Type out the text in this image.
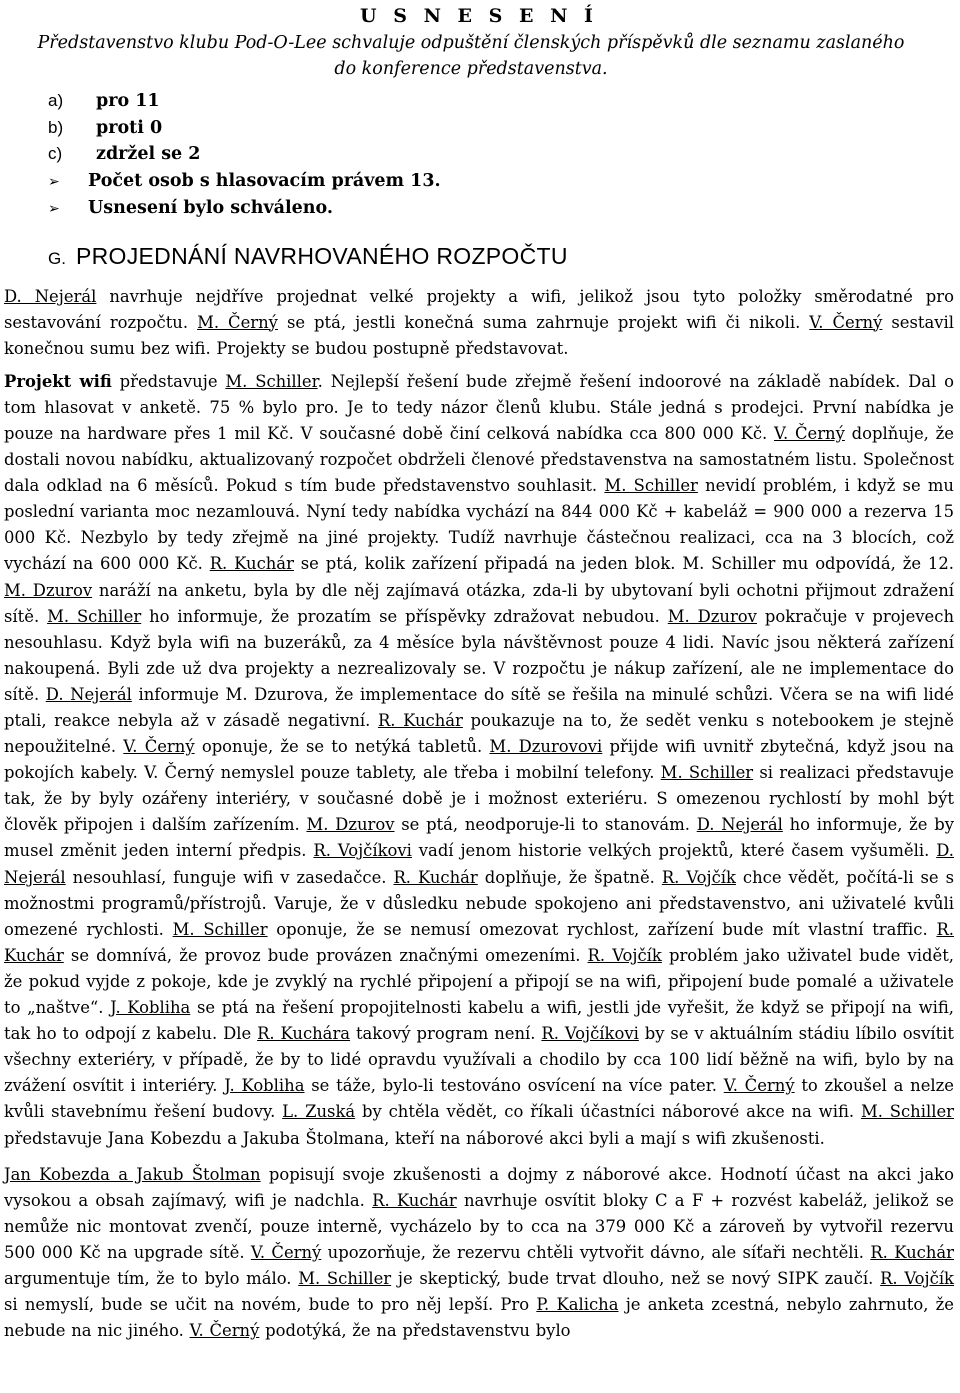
U S N E S E N Í
Představenstvo klubu Pod-O-Lee schvaluje odpuštění členských příspěvků dle seznamu zaslaného do konference představenstva.
a)	pro 11
b)	proti 0
c)	zdržel se 2
➢	Počet osob s hlasovacím právem 13.
➢	Usnesení bylo schváleno.
G. PROJEDNÁNÍ NAVRHOVANÉHO ROZPOČTU

D. Nejerál navrhuje nejdříve projednat velké projekty a wifi, jelikož jsou tyto položky směrodatné pro sestavování rozpočtu. M. Černý se ptá, jestli konečná suma zahrnuje projekt wifi či nikoli. V. Černý sestavil konečnou sumu bez wifi. Projekty se budou postupně představovat.

Projekt wifi představuje M. Schiller. Nejlepší řešení bude zřejmě řešení indoorové na základě nabídek. Dal o tom hlasovat v anketě. 75 % bylo pro. Je to tedy názor členů klubu. Stále jedná s prodejci. První nabídka je pouze na hardware přes 1 mil Kč. V současné době činí celková nabídka cca 800 000 Kč. V. Černý doplňuje, že dostali novou nabídku, aktualizovaný rozpočet obdrželi členové představenstva na samostatném listu. Společnost dala odklad na 6 měsíců. Pokud s tím bude představenstvo souhlasit. M. Schiller nevidí problém, i když se mu poslední varianta moc nezamlouvá. Nyní tedy nabídka vychází na 844 000 Kč + kabeláž = 900 000 a rezerva 15 000 Kč. Nezbylo by tedy zřejmě na jiné projekty. Tudíž navrhuje částečnou realizaci, cca na 3 blocích, což vychází na 600 000 Kč. R. Kuchár se ptá, kolik zařízení připadá na jeden blok. M. Schiller mu odpovídá, že 12. M. Dzurov naráží na anketu, byla by dle něj zajímavá otázka, zda-li by ubytovaní byli ochotni přijmout zdražení sítě. M. Schiller ho informuje, že prozatím se příspěvky zdražovat nebudou. M. Dzurov pokračuje v projevech nesouhlasu. Když byla wifi na buzeráků, za 4 měsíce byla návštěvnost pouze 4 lidi. Navíc jsou některá zařízení nakoupená. Byli zde už dva projekty a nezrealizovaly se. V rozpočtu je nákup zařízení, ale ne implementace do sítě. D. Nejerál informuje M. Dzurova, že implementace do sítě se řešila na minulé schůzi. Včera se na wifi lidé ptali, reakce nebyla až v zásadě negativní. R. Kuchár poukazuje na to, že sedět venku s notebookem je stejně nepoužitelné. V. Černý oponuje, že se to netýká tabletů. M. Dzurovovi přijde wifi uvnitř zbytečná, když jsou na pokojích kabely. V. Černý nemyslel pouze tablety, ale třeba i mobilní telefony. M. Schiller si realizaci představuje tak, že by byly ozářeny interiéry, v současné době je i možnost exteriéru. S omezenou rychlostí by mohl být člověk připojen i dalším zařízením. M. Dzurov se ptá, neodporuje-li to stanovám. D. Nejerál ho informuje, že by musel změnit jeden interní předpis. R. Vojčíkovi vadí jenom historie velkých projektů, které časem vyšuměli. D. Nejerál nesouhlasí, funguje wifi v zasedačce. R. Kuchár doplňuje, že špatně. R. Vojčík chce vědět, počítá-li se s možnostmi programů/přístrojů. Varuje, že v důsledku nebude spokojeno ani představenstvo, ani uživatelé kvůli omezené rychlosti. M. Schiller oponuje, že se nemusí omezovat rychlost, zařízení bude mít vlastní traffic. R. Kuchár se domnívá, že provoz bude provázen značnými omezeními. R. Vojčík problém jako uživatel bude vidět, že pokud vyjde z pokoje, kde je zvyklý na rychlé připojení a připojí se na wifi, připojení bude pomalé a uživatele to „naštve“. J. Kobliha se ptá na řešení propojitelnosti kabelu a wifi, jestli jde vyřešit, že když se připojí na wifi, tak ho to odpojí z kabelu. Dle R. Kuchára takový program není. R. Vojčíkovi by se v aktuálním stádiu líbilo osvítit všechny exteriéry, v případě, že by to lidé opravdu využívali a chodilo by cca 100 lidí běžně na wifi, bylo by na zvážení osvítit i interiéry. J. Kobliha se táže, bylo-li testováno osvícení na více pater. V. Černý to zkoušel a nelze kvůli stavebnímu řešení budovy. L. Zuská by chtěla vědět, co říkali účastníci náborové akce na wifi. M. Schiller představuje Jana Kobezdu a Jakuba Štolmana, kteří na náborové akci byli a mají s wifi zkušenosti.

Jan Kobezda a Jakub Štolman popisují svoje zkušenosti a dojmy z náborové akce. Hodnotí účast na akci jako vysokou a obsah zajímavý, wifi je nadchla. R. Kuchár navrhuje osvítit bloky C a F + rozvést kabeláž, jelikož se nemůže nic montovat zvenčí, pouze interně, vycházelo by to cca na 379 000 Kč a zároveň by vytvořil rezervu 500 000 Kč na upgrade sítě. V. Černý upozorňuje, že rezervu chtěli vytvořit dávno, ale síťaři nechtěli. R. Kuchár argumentuje tím, že to bylo málo. M. Schiller je skeptický, bude trvat dlouho, než se nový SIPK zaučí. R. Vojčík si nemyslí, bude se učit na novém, bude to pro něj lepší. Pro P. Kalicha je anketa zcestná, nebylo zahrnuto, že nebude na nic jiného. V. Černý podotýká, že na představenstvu bylo
